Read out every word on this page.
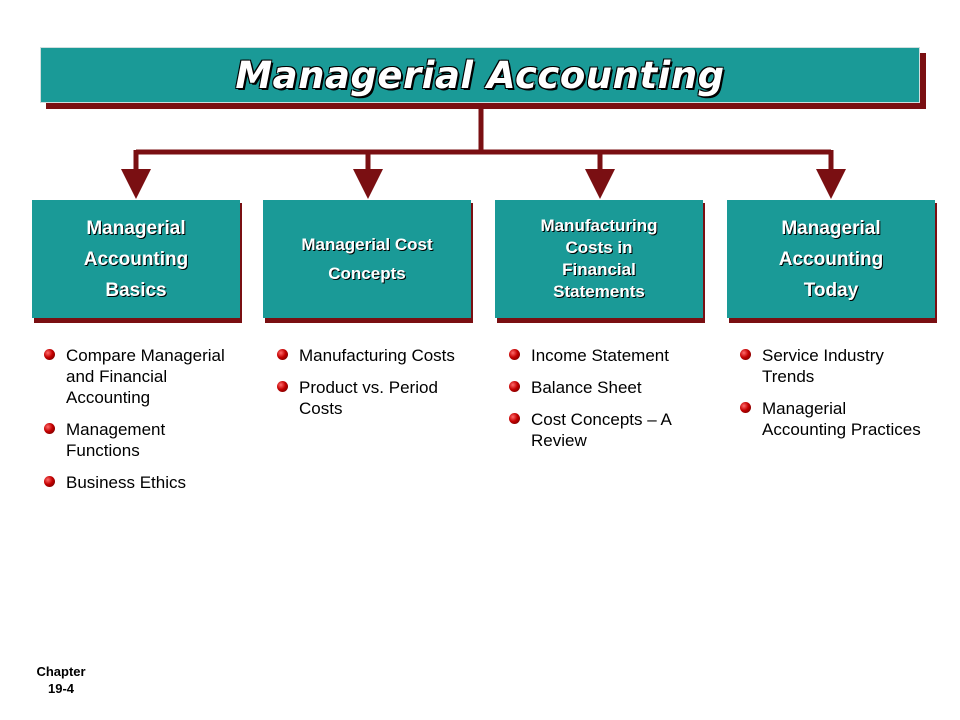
Managerial Accounting
Managerial
Accounting
Basics
Compare Managerial and Financial Accounting
Management Functions
Business Ethics
Managerial Cost
Concepts
Manufacturing Costs
Product vs. Period Costs
Manufacturing
Costs in
Financial
Statements
Income Statement
Balance Sheet
Cost Concepts – A Review
Managerial
Accounting
Today
Service Industry Trends
Managerial Accounting Practices
Chapter
19-4
